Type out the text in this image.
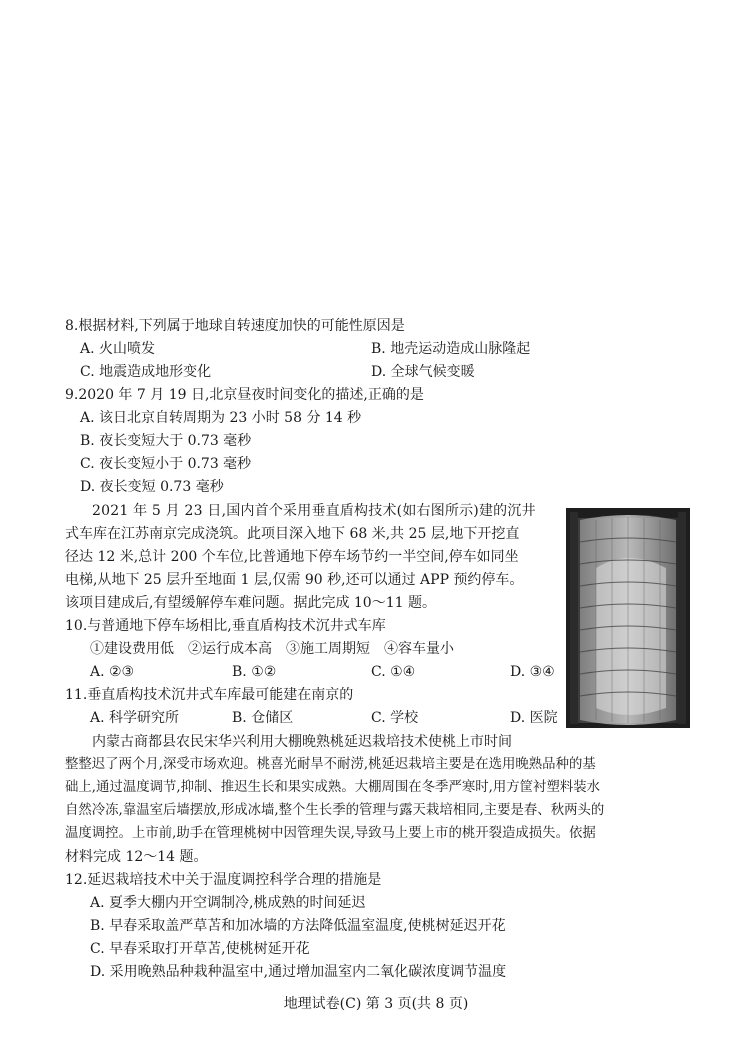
8.根据材料,下列属于地球自转速度加快的可能性原因是
A. 火山喷发	B. 地壳运动造成山脉隆起
C. 地震造成地形变化	D. 全球气候变暖
9.2020 年 7 月 19 日,北京昼夜时间变化的描述,正确的是
A. 该日北京自转周期为 23 小时 58 分 14 秒
B. 夜长变短大于 0.73 毫秒
C. 夜长变短小于 0.73 毫秒
D. 夜长变短 0.73 毫秒
2021 年 5 月 23 日,国内首个采用垂直盾构技术(如右图所示)建的沉井
式车库在江苏南京完成浇筑。此项目深入地下 68 米,共 25 层,地下开挖直
径达 12 米,总计 200 个车位,比普通地下停车场节约一半空间,停车如同坐
电梯,从地下 25 层升至地面 1 层,仅需 90 秒,还可以通过 APP 预约停车。
该项目建成后,有望缓解停车难问题。据此完成 10～11 题。
10.与普通地下停车场相比,垂直盾构技术沉井式车库
①建设费用低　②运行成本高　③施工周期短　④容车量小
A. ②③	B. ①②	C. ①④	D. ③④
11.垂直盾构技术沉井式车库最可能建在南京的
A. 科学研究所	B. 仓储区	C. 学校	D. 医院
内蒙古商都县农民宋华兴利用大棚晚熟桃延迟栽培技术使桃上市时间
整整迟了两个月,深受市场欢迎。桃喜光耐旱不耐涝,桃延迟栽培主要是在选用晚熟品种的基
础上,通过温度调节,抑制、推迟生长和果实成熟。大棚周围在冬季严寒时,用方筐衬塑料装水
自然冷冻,靠温室后墙摆放,形成冰墙,整个生长季的管理与露天栽培相同,主要是春、秋两头的
温度调控。上市前,助手在管理桃树中因管理失误,导致马上要上市的桃开裂造成损失。依据
材料完成 12～14 题。
12.延迟栽培技术中关于温度调控科学合理的措施是
A. 夏季大棚内开空调制冷,桃成熟的时间延迟
B. 早春采取盖严草苫和加冰墙的方法降低温室温度,使桃树延迟开花
C. 早春采取打开草苫,使桃树延开花
D. 采用晚熟品种栽种温室中,通过增加温室内二氧化碳浓度调节温度
地理试卷(C) 第 3 页(共 8 页)
